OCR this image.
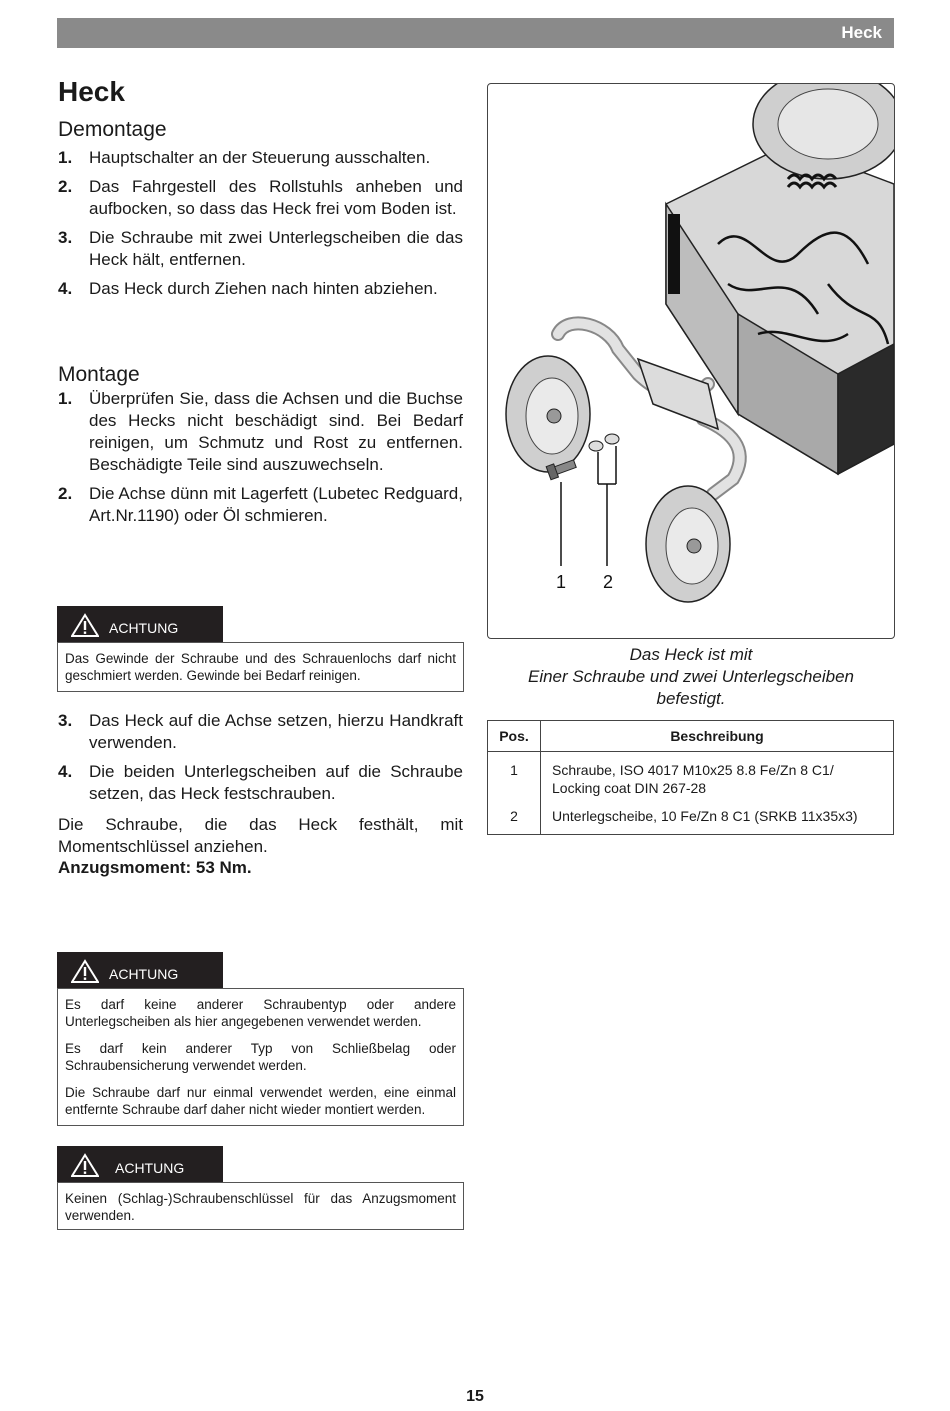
Heck
Heck
Demontage
1. Hauptschalter an der Steuerung ausschalten.
2. Das Fahrgestell des Rollstuhls anheben und aufbocken, so dass das Heck frei vom Boden ist.
3. Die Schraube mit zwei Unterlegscheiben die das Heck hält, entfernen.
4. Das Heck durch Ziehen nach hinten abziehen.
Montage
1. Überprüfen Sie, dass die Achsen und die Buchse des Hecks nicht beschädigt sind. Bei Bedarf reinigen, um Schmutz und Rost zu entfernen. Beschädigte Teile sind auszuwechseln.
2. Die Achse dünn mit Lagerfett (Lubetec Redguard, Art.Nr.1190) oder Öl schmieren.
ACHTUNG

Das Gewinde der Schraube und des Schrauenlochs darf nicht geschmiert werden. Gewinde bei Bedarf reinigen.

3. Das Heck auf die Achse setzen, hierzu Handkraft verwenden.
4. Die beiden Unterlegscheiben auf die Schraube setzen, das Heck festschrauben.
Die Schraube, die das Heck festhält, mit Momentschlüssel anziehen.
Anzugsmoment: 53 Nm.
ACHTUNG

Es darf keine anderer Schraubentyp oder andere Unterlegscheiben als hier angegebenen verwendet werden.

Es darf kein anderer Typ von Schließbelag oder Schraubensicherung verwendet werden.

Die Schraube darf nur einmal verwendet werden, eine einmal entfernte Schraube darf daher nicht wieder montiert werden.

ACHTUNG

Keinen (Schlag-)Schraubenschlüssel für das Anzugsmoment verwenden.

1 2
Das Heck ist mit
Einer Schraube und zwei Unterlegscheiben
befestigt.
Pos.	Beschreibung
1	Schraube, ISO 4017 M10x25 8.8 Fe/Zn 8 C1/
Locking coat DIN 267-28

2	Unterlegscheibe, 10 Fe/Zn 8 C1 (SRKB 11x35x3)
15
